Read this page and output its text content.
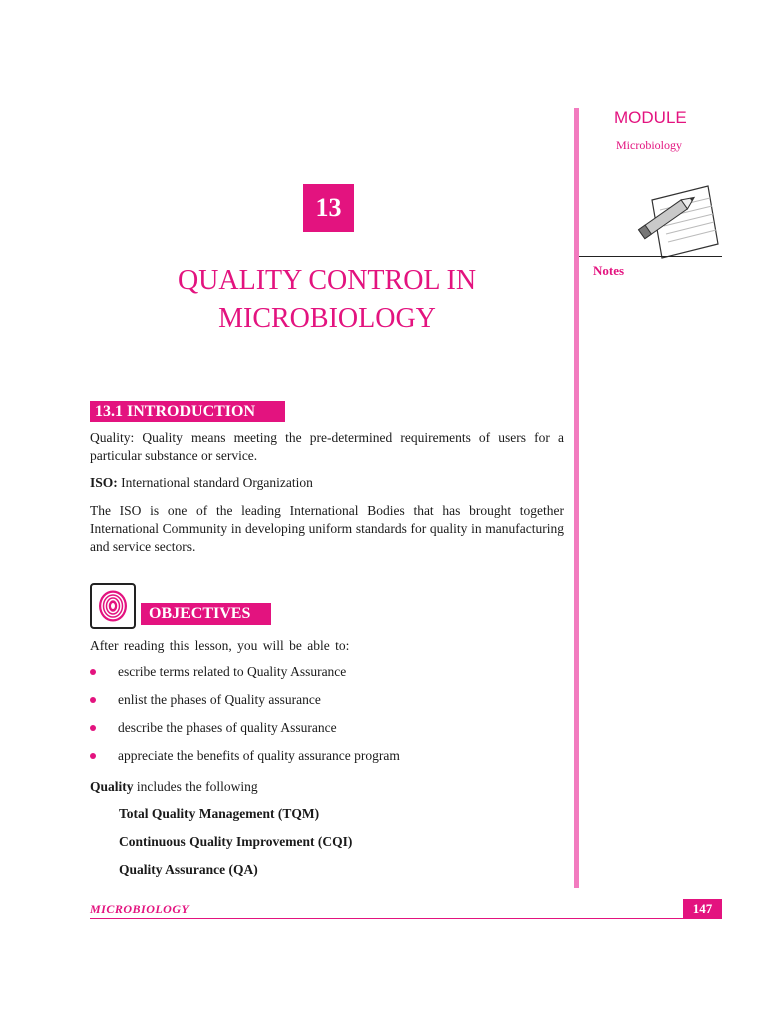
MODULE
Microbiology
Notes
13
QUALITY CONTROL IN
MICROBIOLOGY
13.1 INTRODUCTION
Quality: Quality means meeting the pre-determined requirements of users for a particular substance or service.
ISO: International standard Organization
The ISO is one of the leading International Bodies that has brought together International Community in developing uniform standards for quality in manufacturing and service sectors.
OBJECTIVES
After reading this lesson, you will be able to:
escribe terms related to Quality Assurance
enlist the phases of Quality assurance
describe the phases of quality Assurance
appreciate the benefits of quality assurance program
Quality includes the following
Total Quality Management (TQM)
Continuous Quality Improvement (CQI)
Quality Assurance (QA)
MICROBIOLOGY	147
